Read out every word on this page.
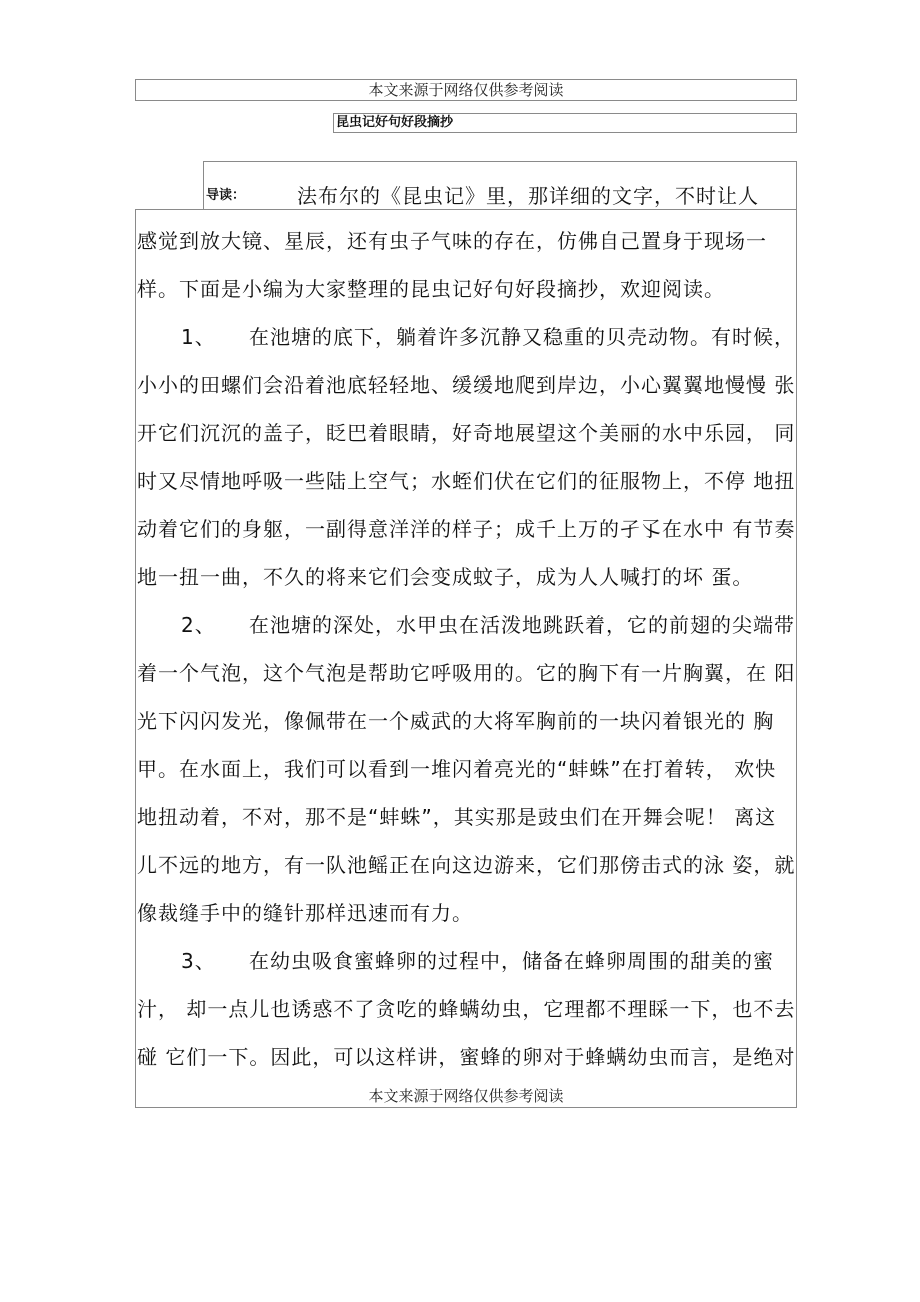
本文来源于网络仅供参考阅读
昆虫记好句好段摘抄
导读：	法布尔的《昆虫记》里，那详细的文字，不时让人
感觉到放大镜、星辰，还有虫子气味的存在，仿佛自己置身于现场一
样。下面是小编为大家整理的昆虫记好句好段摘抄，欢迎阅读。
1、 在池塘的底下，躺着许多沉静又稳重的贝壳动物。有时候，
小小的田螺们会沿着池底轻轻地、缓缓地爬到岸边，小心翼翼地慢慢 张
开它们沉沉的盖子，眨巴着眼睛，好奇地展望这个美丽的水中乐园， 同
时又尽情地呼吸一些陆上空气；水蛭们伏在它们的征服物上，不停 地扭
动着它们的身躯，一副得意洋洋的样子；成千上万的孑孓在水中 有节奏
地一扭一曲，不久的将来它们会变成蚊子，成为人人喊打的坏 蛋。
2、 在池塘的深处，水甲虫在活泼地跳跃着，它的前翅的尖端带
着一个气泡，这个气泡是帮助它呼吸用的。它的胸下有一片胸翼，在 阳
光下闪闪发光，像佩带在一个威武的大将军胸前的一块闪着银光的 胸
甲。在水面上，我们可以看到一堆闪着亮光的“蚌蛛”在打着转， 欢快
地扭动着，不对，那不是“蚌蛛”，其实那是豉虫们在开舞会呢！ 离这
儿不远的地方，有一队池鳐正在向这边游来，它们那傍击式的泳 姿，就
像裁缝手中的缝针那样迅速而有力。
3、 在幼虫吸食蜜蜂卵的过程中，储备在蜂卵周围的甜美的蜜
汁， 却一点儿也诱惑不了贪吃的蜂螨幼虫，它理都不理睬一下，也不去
碰 它们一下。因此，可以这样讲，蜜蜂的卵对于蜂螨幼虫而言，是绝对
本文来源于网络仅供参考阅读
